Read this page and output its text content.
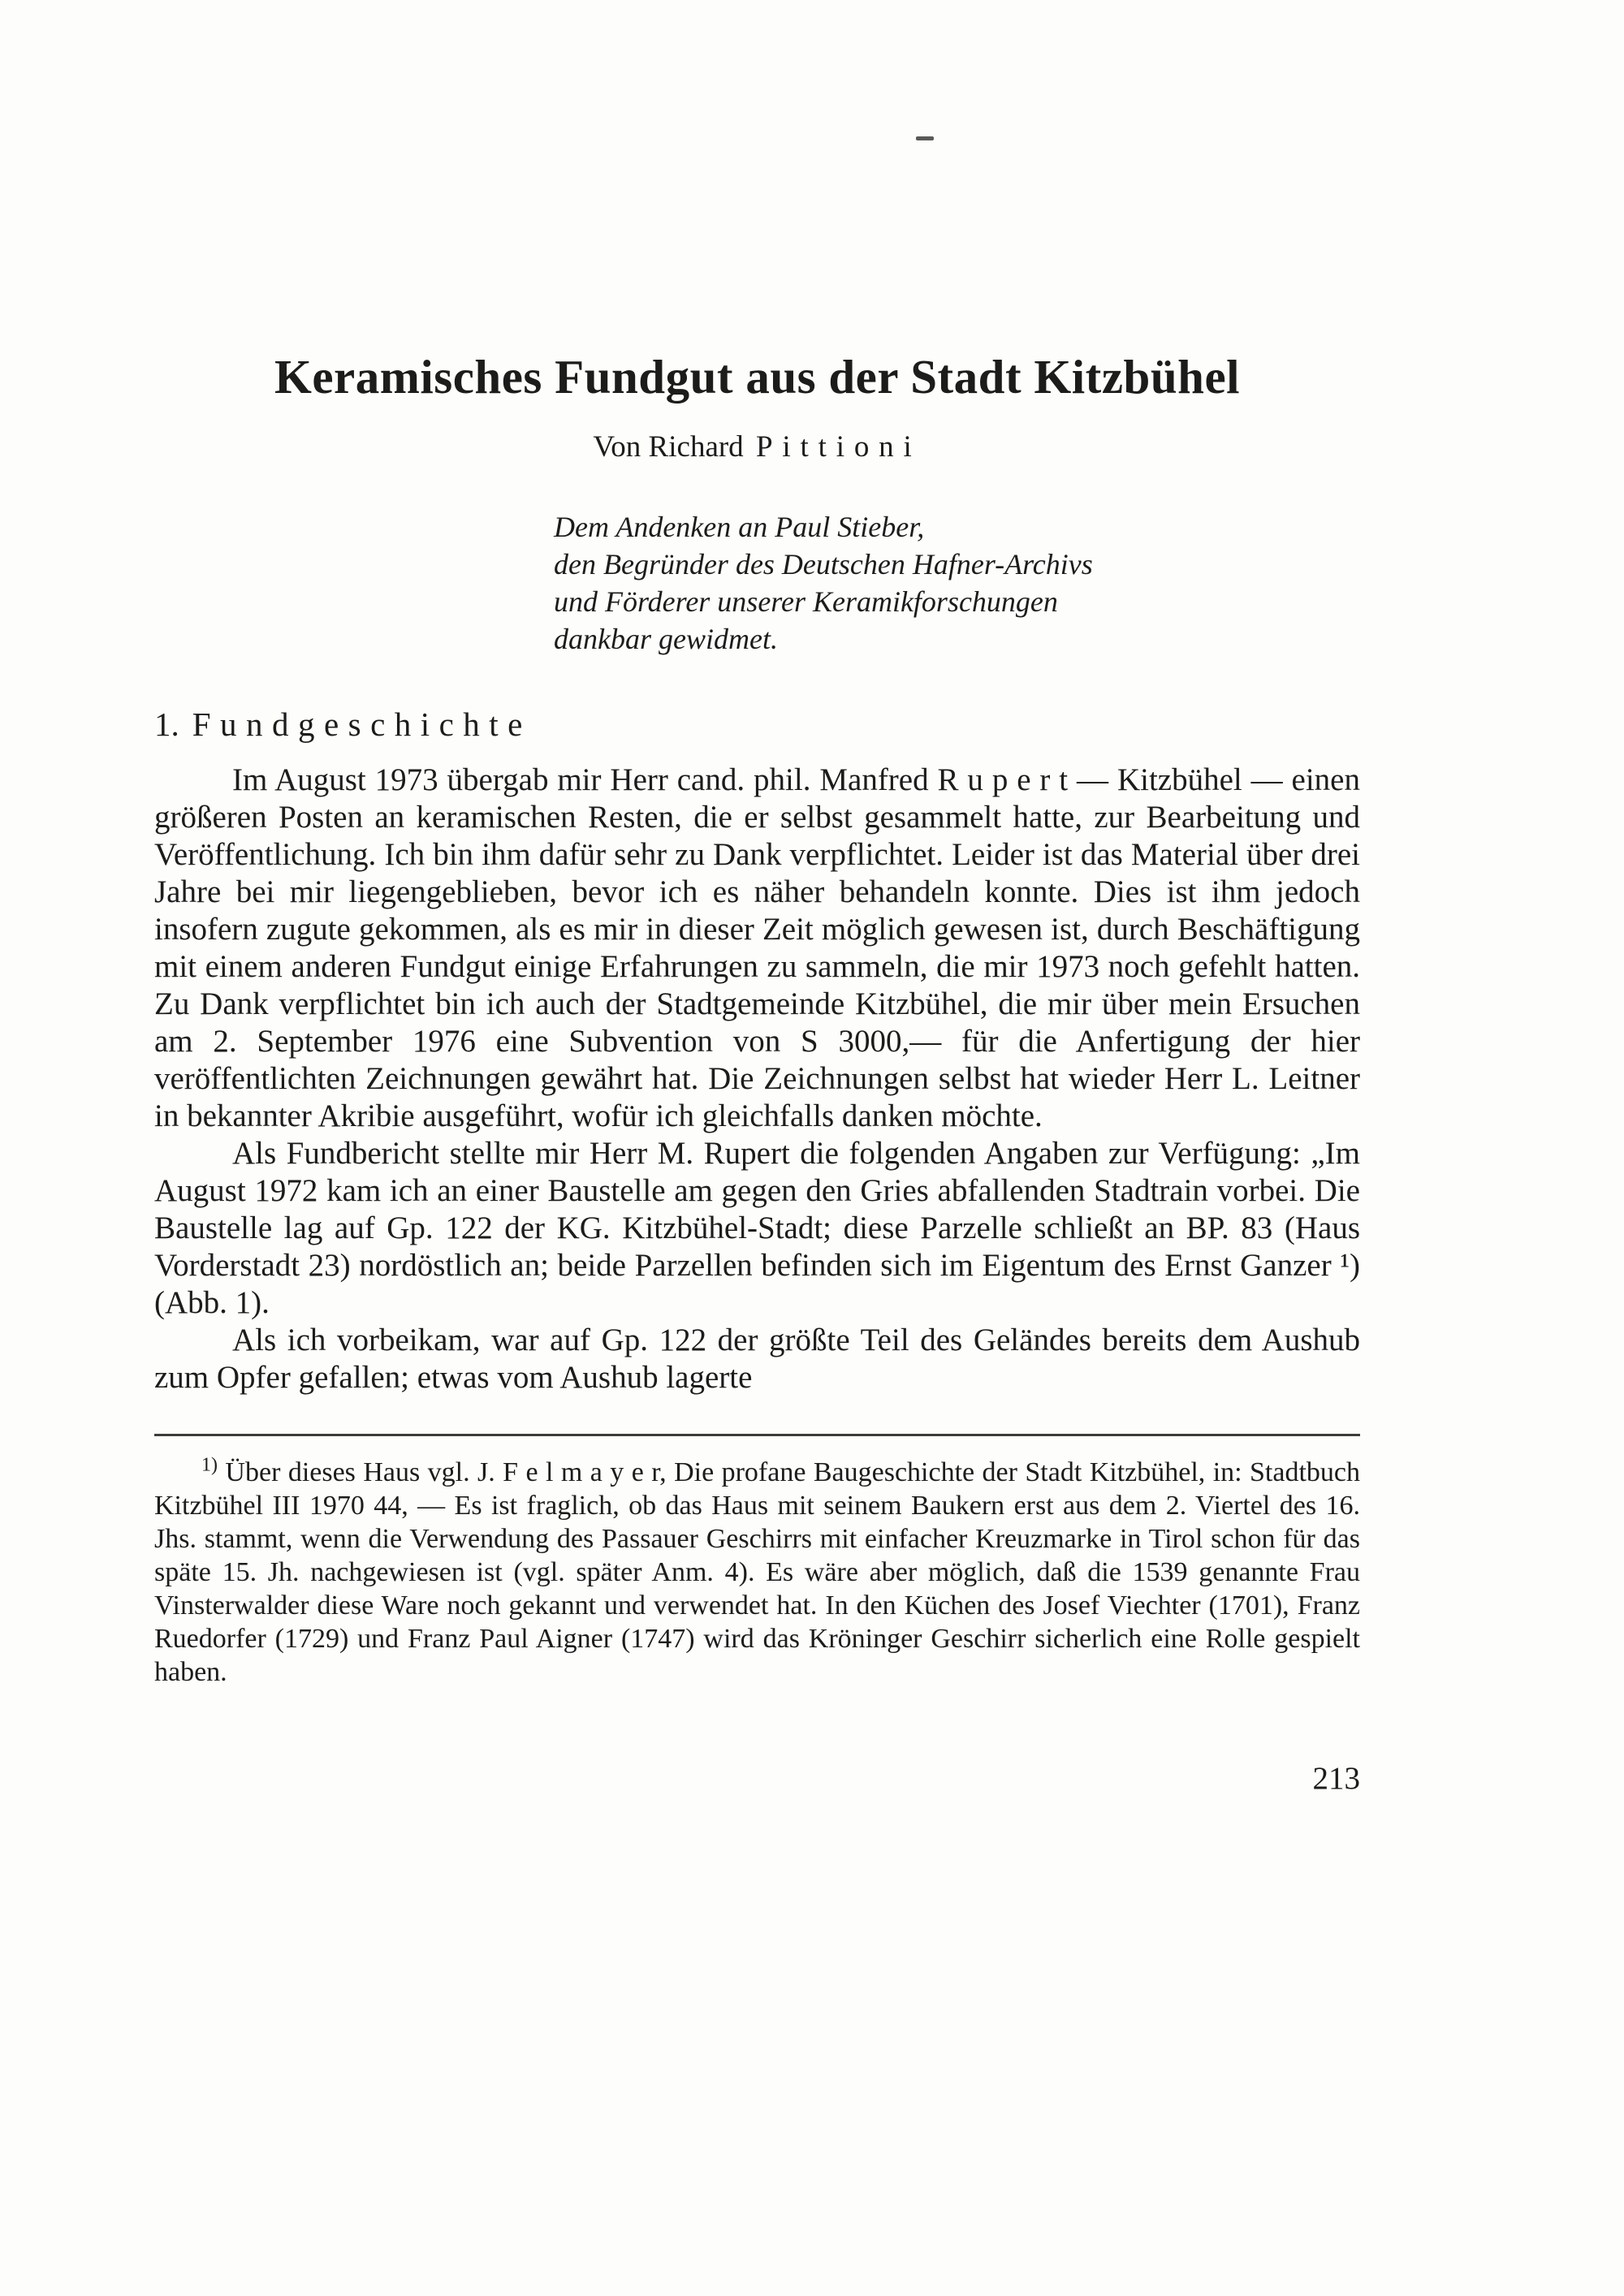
Keramisches Fundgut aus der Stadt Kitzbühel
Von Richard Pittioni
Dem Andenken an Paul Stieber,
den Begründer des Deutschen Hafner-Archivs
und Förderer unserer Keramikforschungen
dankbar gewidmet.
1. Fundgeschichte

Im August 1973 übergab mir Herr cand. phil. Manfred R u p e r t — Kitzbühel — einen größeren Posten an keramischen Resten, die er selbst gesammelt hatte, zur Bearbeitung und Veröffentlichung. Ich bin ihm dafür sehr zu Dank verpflichtet. Leider ist das Material über drei Jahre bei mir liegengeblieben, bevor ich es näher behandeln konnte. Dies ist ihm jedoch insofern zugute gekommen, als es mir in dieser Zeit möglich gewesen ist, durch Beschäftigung mit einem anderen Fundgut einige Erfahrungen zu sammeln, die mir 1973 noch gefehlt hatten. Zu Dank verpflichtet bin ich auch der Stadtgemeinde Kitzbühel, die mir über mein Ersuchen am 2. September 1976 eine Subvention von S 3000,— für die Anfertigung der hier veröffentlichten Zeichnungen gewährt hat. Die Zeichnungen selbst hat wieder Herr L. Leitner in bekannter Akribie ausgeführt, wofür ich gleichfalls danken möchte.

Als Fundbericht stellte mir Herr M. Rupert die folgenden Angaben zur Verfügung: „Im August 1972 kam ich an einer Baustelle am gegen den Gries abfallenden Stadtrain vorbei. Die Baustelle lag auf Gp. 122 der KG. Kitzbühel-Stadt; diese Parzelle schließt an BP. 83 (Haus Vorderstadt 23) nordöstlich an; beide Parzellen befinden sich im Eigentum des Ernst Ganzer ¹) (Abb. 1).

Als ich vorbeikam, war auf Gp. 122 der größte Teil des Geländes bereits dem Aushub zum Opfer gefallen; etwas vom Aushub lagerte

$^{1)}$ Über dieses Haus vgl. J. F e l m a y e r, Die profane Baugeschichte der Stadt Kitzbühel, in: Stadtbuch Kitzbühel III 1970 44, — Es ist fraglich, ob das Haus mit seinem Baukern erst aus dem 2. Viertel des 16. Jhs. stammt, wenn die Verwendung des Passauer Geschirrs mit einfacher Kreuzmarke in Tirol schon für das späte 15. Jh. nachgewiesen ist (vgl. später Anm. 4). Es wäre aber möglich, daß die 1539 genannte Frau Vinsterwalder diese Ware noch gekannt und verwendet hat. In den Küchen des Josef Viechter (1701), Franz Ruedorfer (1729) und Franz Paul Aigner (1747) wird das Kröninger Geschirr sicherlich eine Rolle gespielt haben.

213
